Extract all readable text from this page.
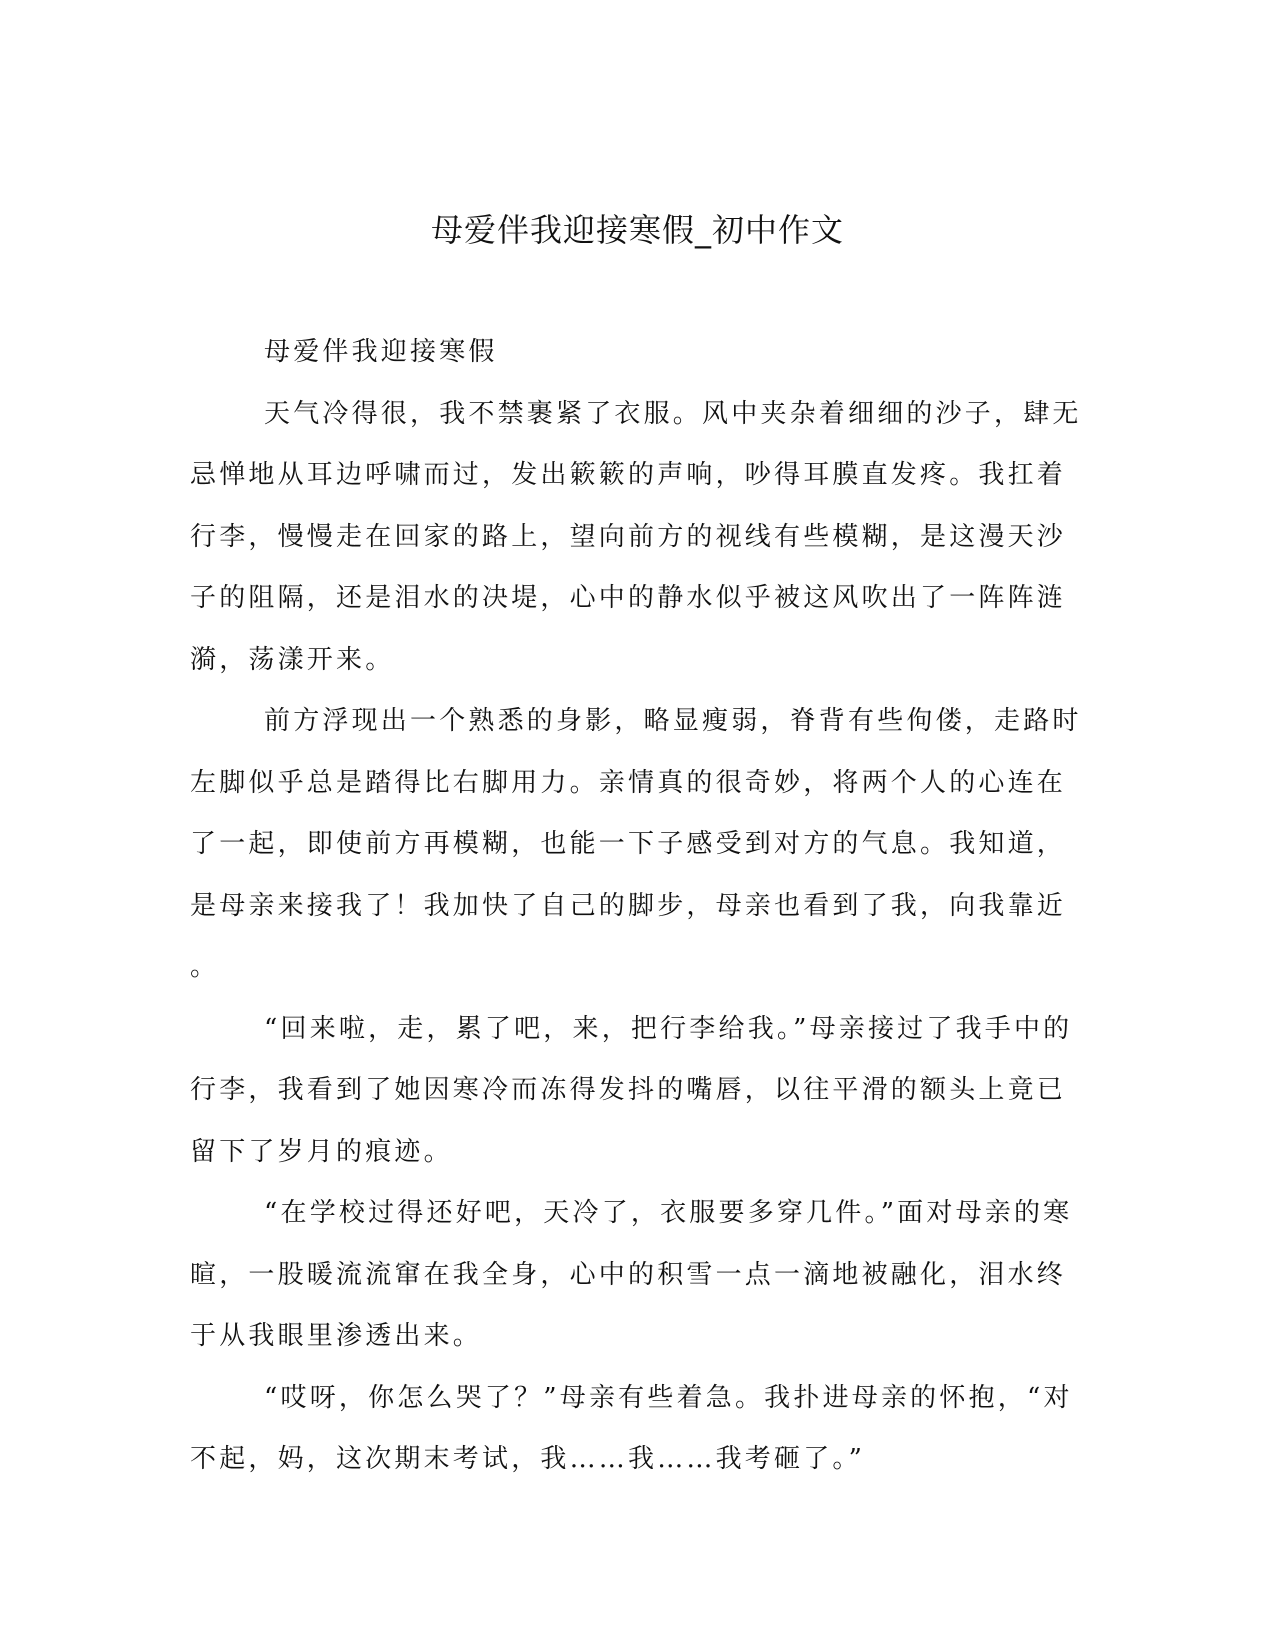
母爱伴我迎接寒假_初中作文
母爱伴我迎接寒假
天气冷得很，我不禁裹紧了衣服。风中夹杂着细细的沙子，肆无
忌惮地从耳边呼啸而过，发出簌簌的声响，吵得耳膜直发疼。我扛着
行李，慢慢走在回家的路上，望向前方的视线有些模糊，是这漫天沙
子的阻隔，还是泪水的决堤，心中的静水似乎被这风吹出了一阵阵涟
漪，荡漾开来。
前方浮现出一个熟悉的身影，略显瘦弱，脊背有些佝偻，走路时
左脚似乎总是踏得比右脚用力。亲情真的很奇妙，将两个人的心连在
了一起，即使前方再模糊，也能一下子感受到对方的气息。我知道，
是母亲来接我了！我加快了自己的脚步，母亲也看到了我，向我靠近
。
“回来啦，走，累了吧，来，把行李给我。”母亲接过了我手中的
行李，我看到了她因寒冷而冻得发抖的嘴唇，以往平滑的额头上竟已
留下了岁月的痕迹。
“在学校过得还好吧，天冷了，衣服要多穿几件。”面对母亲的寒
暄，一股暖流流窜在我全身，心中的积雪一点一滴地被融化，泪水终
于从我眼里渗透出来。
“哎呀，你怎么哭了？”母亲有些着急。我扑进母亲的怀抱，“对
不起，妈，这次期末考试，我……我……我考砸了。”
